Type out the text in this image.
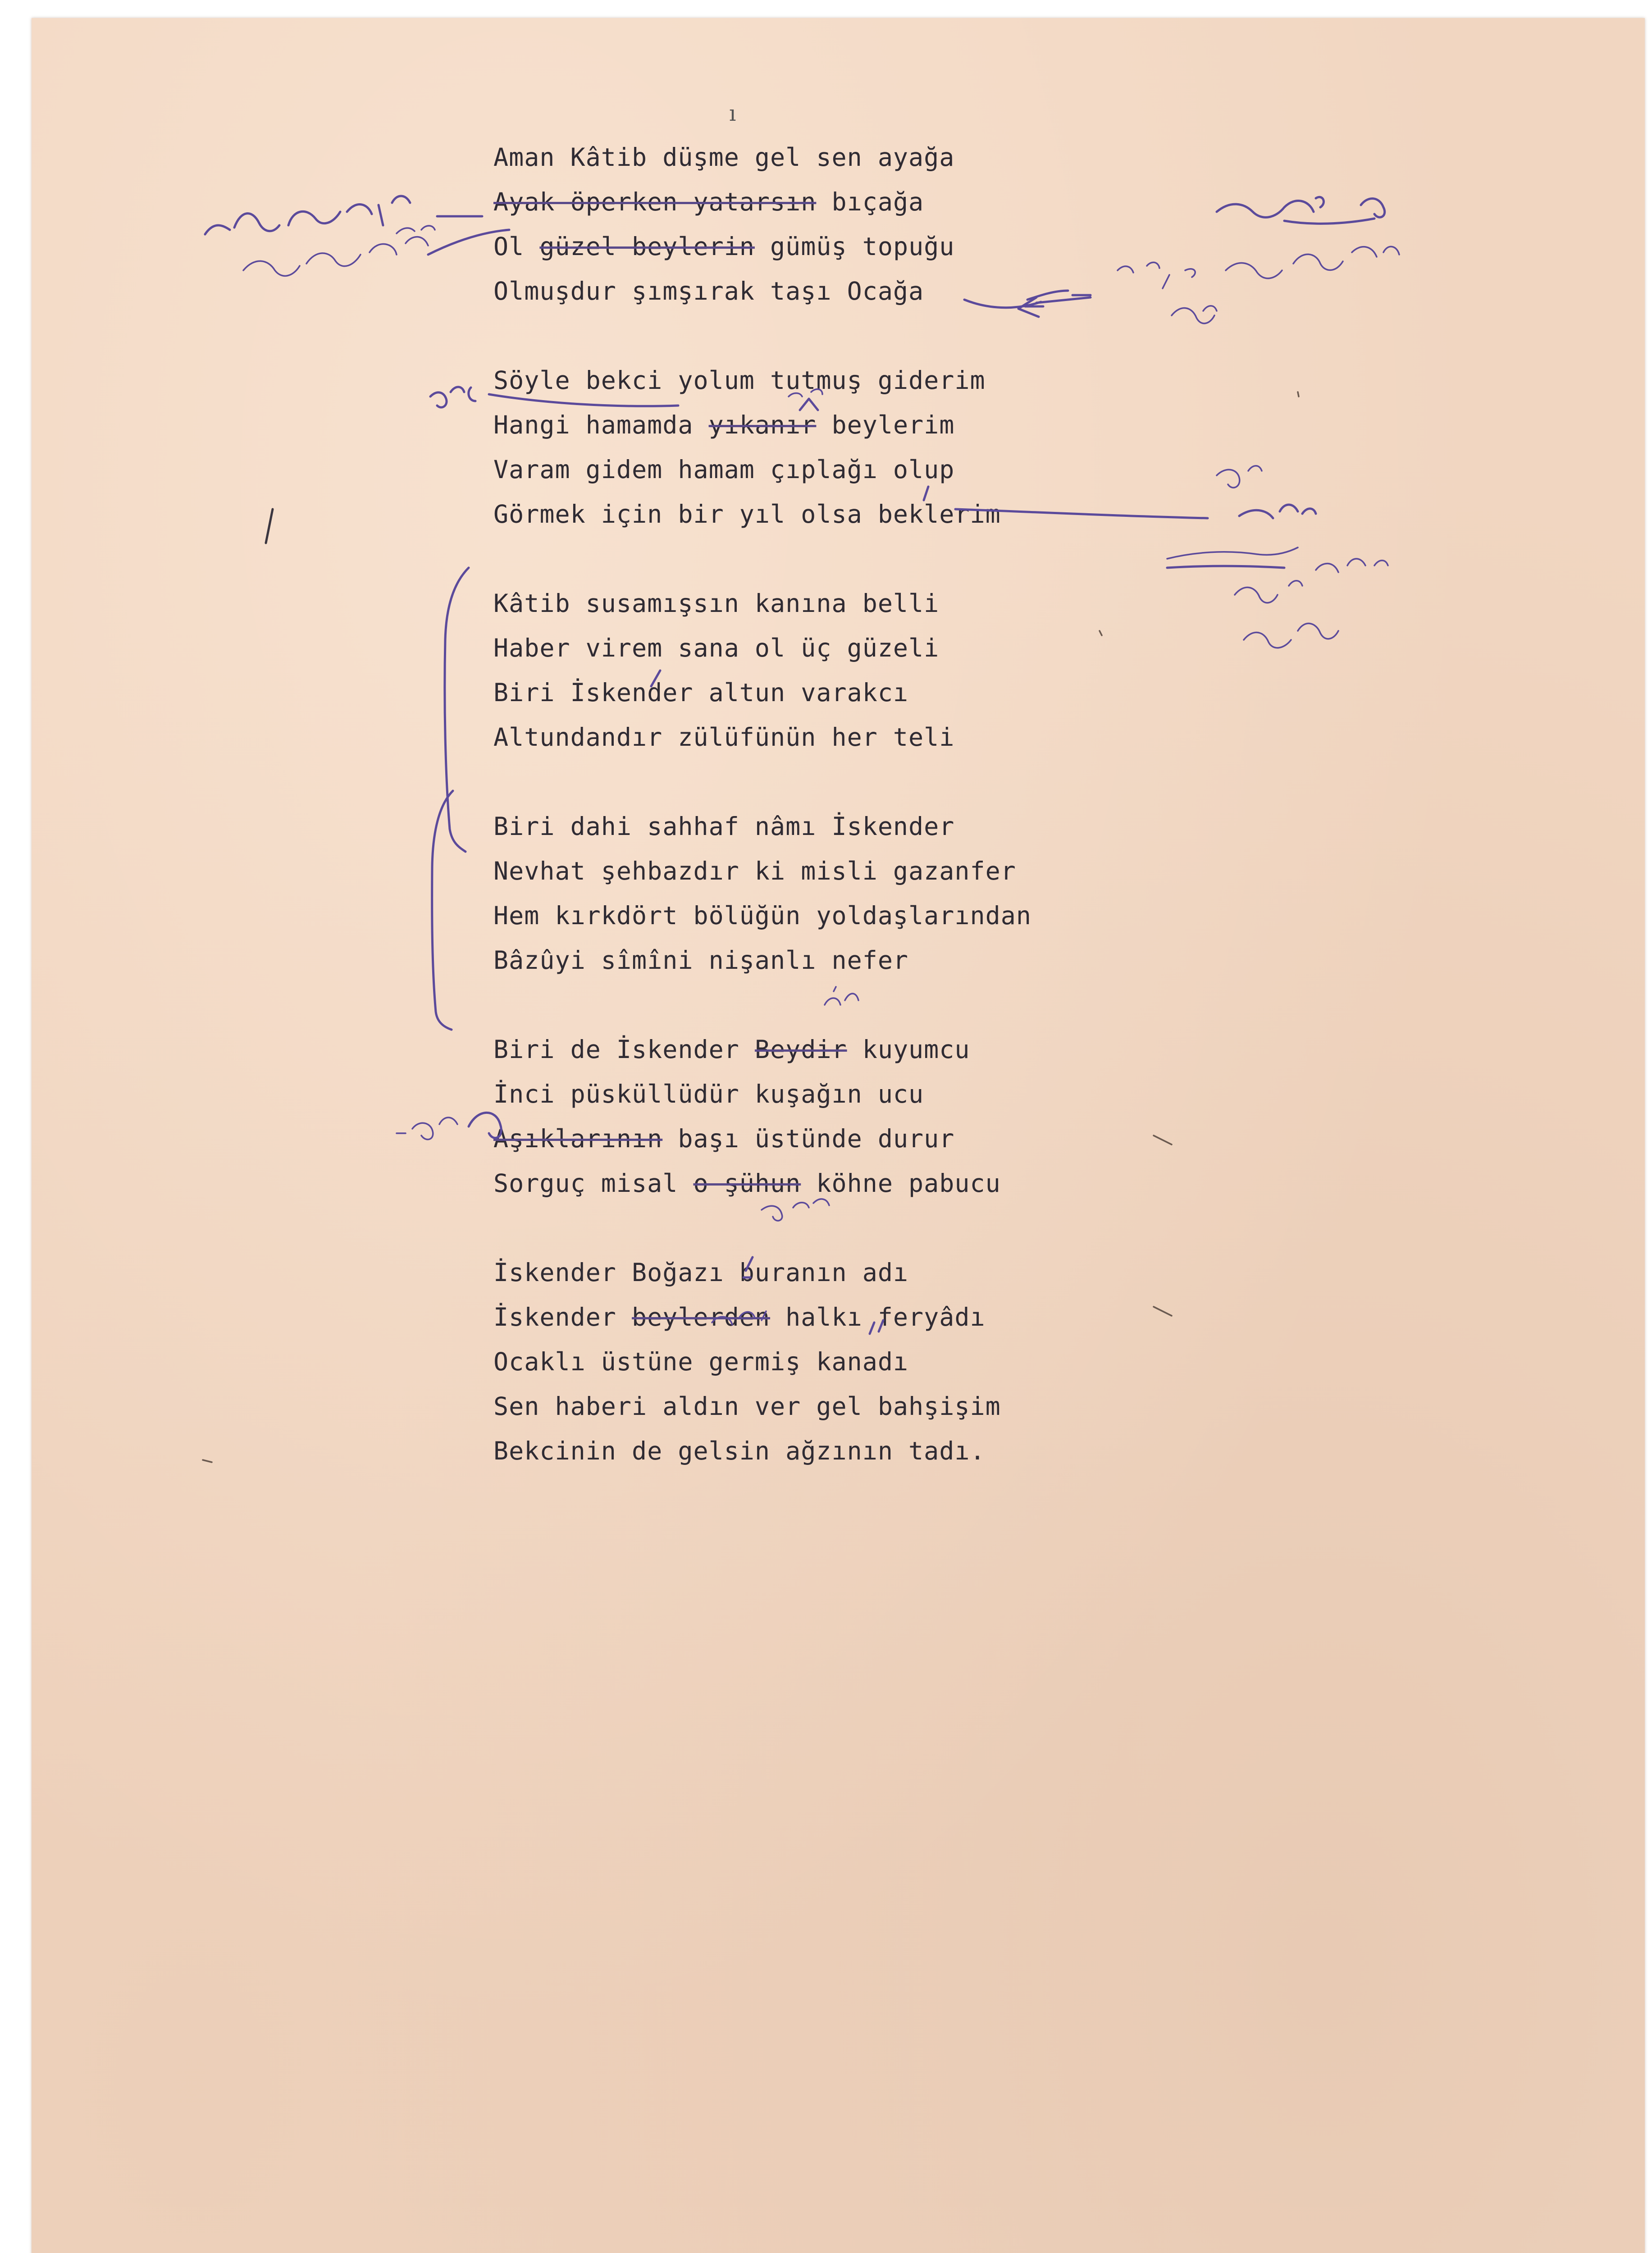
Aman Kâtib düşme gel sen ayağa
Ayak öperken yatarsın bıçağa
Ol güzel beylerin gümüş topuğu
Olmuşdur şımşırak taşı Ocağa
Söyle bekci yolum tutmuş giderim
Hangi hamamda yıkanır beylerim
Varam gidem hamam çıplağı olup
Görmek için bir yıl olsa beklerim
Kâtib susamışsın kanına belli
Haber virem sana ol üç güzeli
Biri İskender altun varakcı
Altundandır zülüfünün her teli
Biri dahi sahhaf nâmı İskender
Nevhat şehbazdır ki misli gazanfer
Hem kırkdört bölüğün yoldaşlarından
Bâzûyi sîmîni nişanlı nefer
Biri de İskender Beydir kuyumcu
İnci püsküllüdür kuşağın ucu
Aşıklarının başı üstünde durur
Sorguç misal o şühun köhne pabucu
İskender Boğazı buranın adı
İskender beylerden halkı feryâdı
Ocaklı üstüne germiş kanadı
Sen haberi aldın ver gel bahşişim
Bekcinin de gelsin ağzının tadı.
ı
